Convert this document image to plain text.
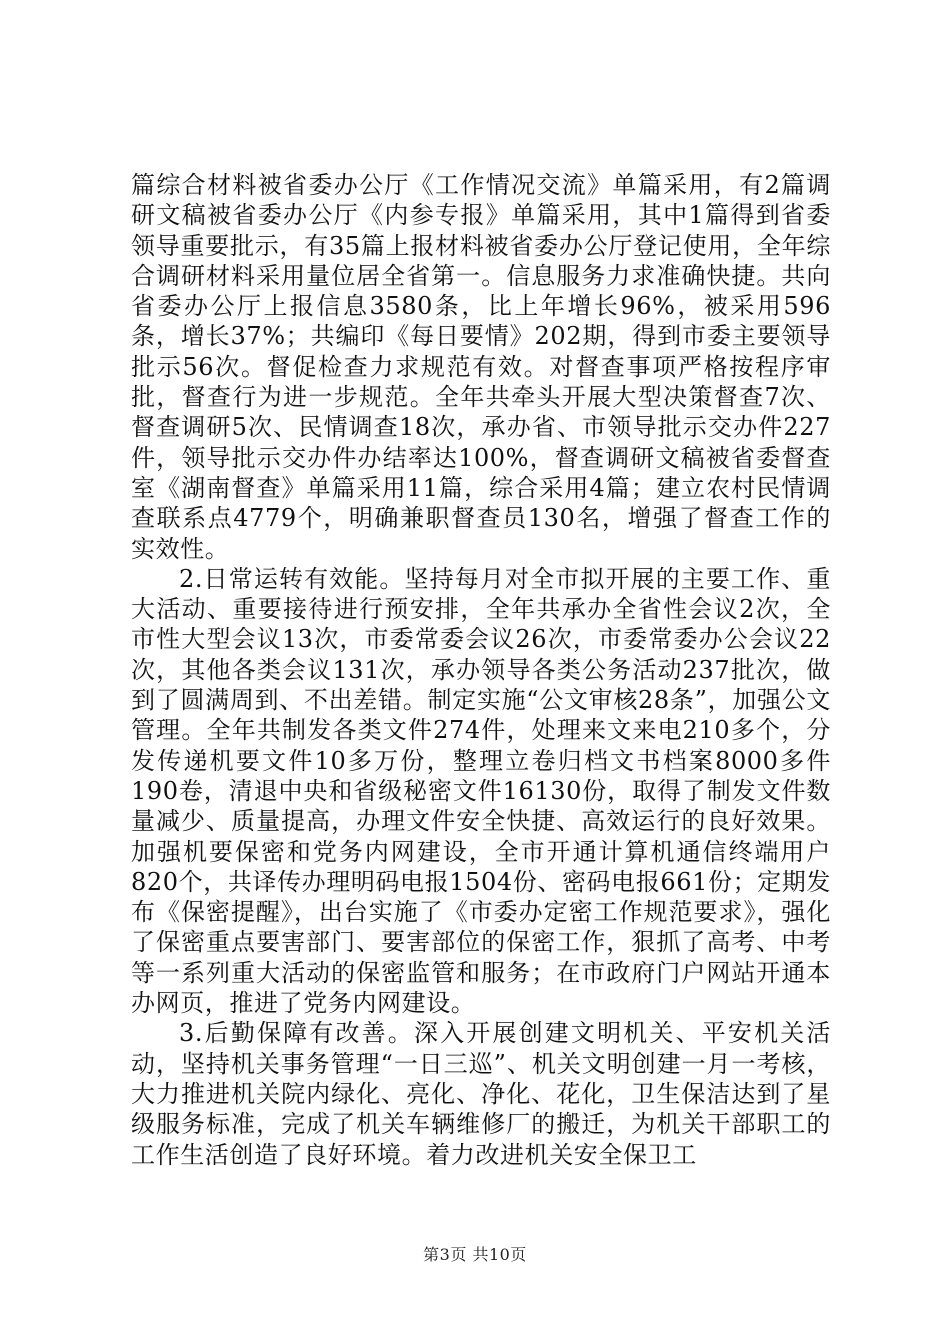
篇综合材料被省委办公厅《工作情况交流》单篇采用，有2篇调研文稿被省委办公厅《内参专报》单篇采用，其中1篇得到省委领导重要批示，有35篇上报材料被省委办公厅登记使用，全年综合调研材料采用量位居全省第一。信息服务力求准确快捷。共向省委办公厅上报信息3580条，比上年增长96%，被采用596条，增长37%；共编印《每日要情》202期，得到市委主要领导批示56次。督促检查力求规范有效。对督查事项严格按程序审批，督查行为进一步规范。全年共牵头开展大型决策督查7次、督查调研5次、民情调查18次，承办省、市领导批示交办件227件，领导批示交办件办结率达100%，督查调研文稿被省委督查室《湖南督查》单篇采用11篇，综合采用4篇；建立农村民情调查联系点4779个，明确兼职督查员130名，增强了督查工作的实效性。

2.日常运转有效能。坚持每月对全市拟开展的主要工作、重大活动、重要接待进行预安排，全年共承办全省性会议2次，全市性大型会议13次，市委常委会议26次，市委常委办公会议22次，其他各类会议131次，承办领导各类公务活动237批次，做到了圆满周到、不出差错。制定实施“公文审核28条”，加强公文管理。全年共制发各类文件274件，处理来文来电210多个，分发传递机要文件10多万份，整理立卷归档文书档案8000多件190卷，清退中央和省级秘密文件16130份，取得了制发文件数量减少、质量提高，办理文件安全快捷、高效运行的良好效果。加强机要保密和党务内网建设，全市开通计算机通信终端用户820个，共译传办理明码电报1504份、密码电报661份；定期发布《保密提醒》，出台实施了《市委办定密工作规范要求》，强化了保密重点要害部门、要害部位的保密工作，狠抓了高考、中考等一系列重大活动的保密监管和服务；在市政府门户网站开通本办网页，推进了党务内网建设。

3.后勤保障有改善。深入开展创建文明机关、平安机关活动，坚持机关事务管理“一日三巡”、机关文明创建一月一考核，大力推进机关院内绿化、亮化、净化、花化，卫生保洁达到了星级服务标准，完成了机关车辆维修厂的搬迁，为机关干部职工的工作生活创造了良好环境。着力改进机关安全保卫工

第3页 共10页
